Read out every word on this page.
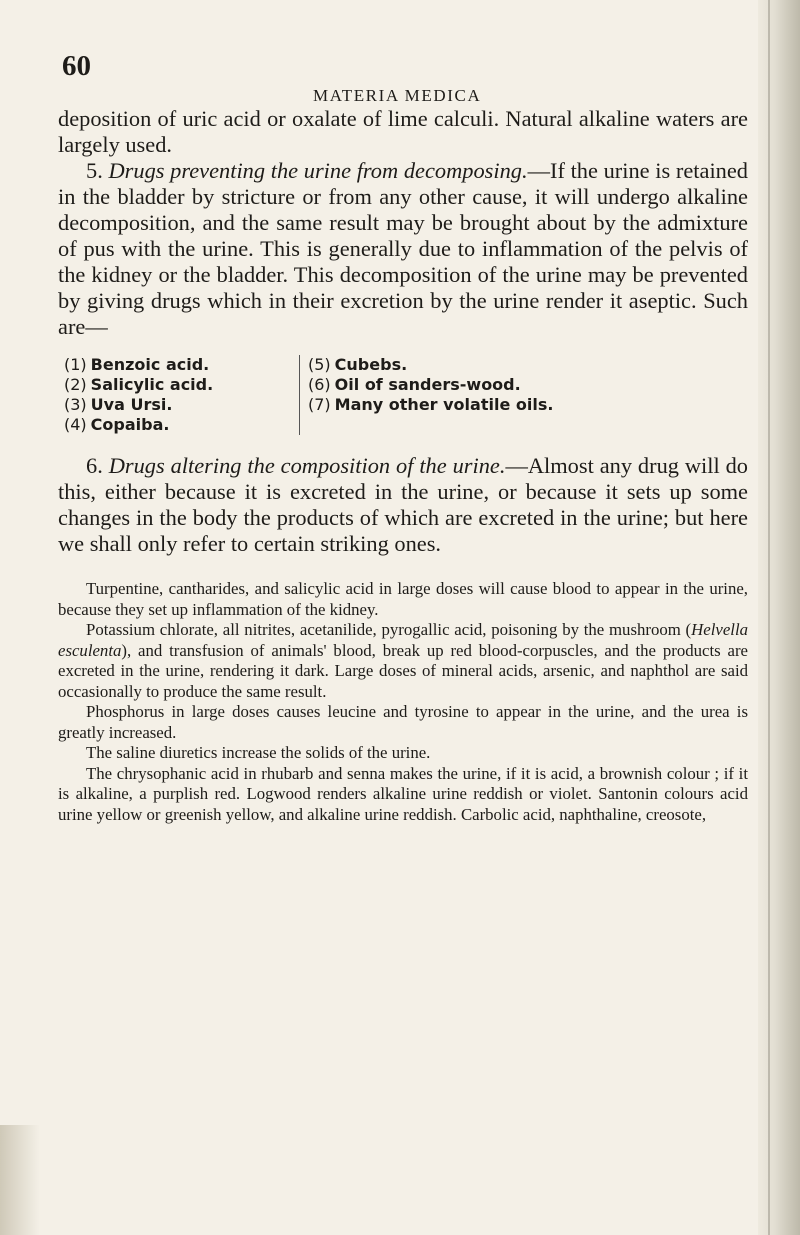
60

MATERIA MEDICA

deposition of uric acid or oxalate of lime calculi. Natural alkaline waters are largely used.

5. Drugs preventing the urine from decomposing.—If the urine is retained in the bladder by stricture or from any other cause, it will undergo alkaline decomposition, and the same result may be brought about by the admixture of pus with the urine. This is generally due to inflammation of the pelvis of the kidney or the bladder. This decomposition of the urine may be prevented by giving drugs which in their excretion by the urine render it aseptic. Such are—

(1) Benzoic acid.
(2) Salicylic acid.
(3) Uva Ursi.
(4) Copaiba.
(5) Cubebs.
(6) Oil of sanders-wood.
(7) Many other volatile oils.

6. Drugs altering the composition of the urine.—Almost any drug will do this, either because it is excreted in the urine, or because it sets up some changes in the body the products of which are excreted in the urine; but here we shall only refer to certain striking ones.

Turpentine, cantharides, and salicylic acid in large doses will cause blood to appear in the urine, because they set up inflammation of the kidney.

Potassium chlorate, all nitrites, acetanilide, pyrogallic acid, poisoning by the mushroom (Helvella esculenta), and transfusion of animals' blood, break up red blood-corpuscles, and the products are excreted in the urine, rendering it dark. Large doses of mineral acids, arsenic, and naphthol are said occasionally to produce the same result.

Phosphorus in large doses causes leucine and tyrosine to appear in the urine, and the urea is greatly increased.

The saline diuretics increase the solids of the urine.

The chrysophanic acid in rhubarb and senna makes the urine, if it is acid, a brownish colour ; if it is alkaline, a purplish red. Logwood renders alkaline urine reddish or violet. Santonin colours acid urine yellow or greenish yellow, and alkaline urine reddish. Carbolic acid, naphthaline, creosote,
